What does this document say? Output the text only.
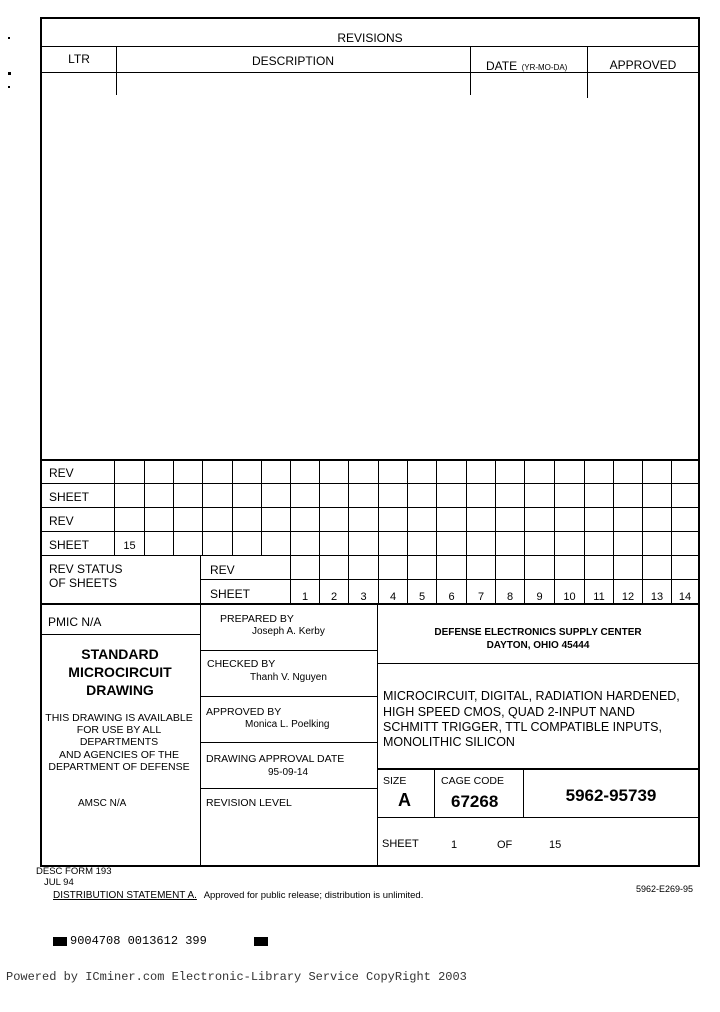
REVISIONS
LTR	DESCRIPTION	DATE (YR-MO-DA)	APPROVED
REV
SHEET
REV
SHEET	15
REV STATUS
OF SHEETS
REV
SHEET	1	2	3	4	5	6	7	8	9	10	11	12	13	14
PMIC N/A
STANDARD
MICROCIRCUIT
DRAWING
THIS DRAWING IS AVAILABLE
FOR USE BY ALL
DEPARTMENTS
AND AGENCIES OF THE
DEPARTMENT OF DEFENSE
AMSC N/A
PREPARED BY
Joseph A. Kerby
CHECKED BY
Thanh V. Nguyen
APPROVED BY
Monica L. Poelking
DRAWING APPROVAL DATE
95-09-14
REVISION LEVEL
DEFENSE ELECTRONICS SUPPLY CENTER
DAYTON, OHIO 45444
MICROCIRCUIT, DIGITAL, RADIATION HARDENED,
HIGH SPEED CMOS, QUAD 2-INPUT NAND
SCHMITT TRIGGER, TTL COMPATIBLE INPUTS,
MONOLITHIC SILICON
SIZE
A
CAGE CODE
67268	5962-95739
SHEET	1	OF	15
DESC FORM 193
JUL 94
DISTRIBUTION STATEMENT A. Approved for public release; distribution is unlimited.
5962-E269-95
9004708 0013612 399
Powered by ICminer.com Electronic-Library Service CopyRight 2003
